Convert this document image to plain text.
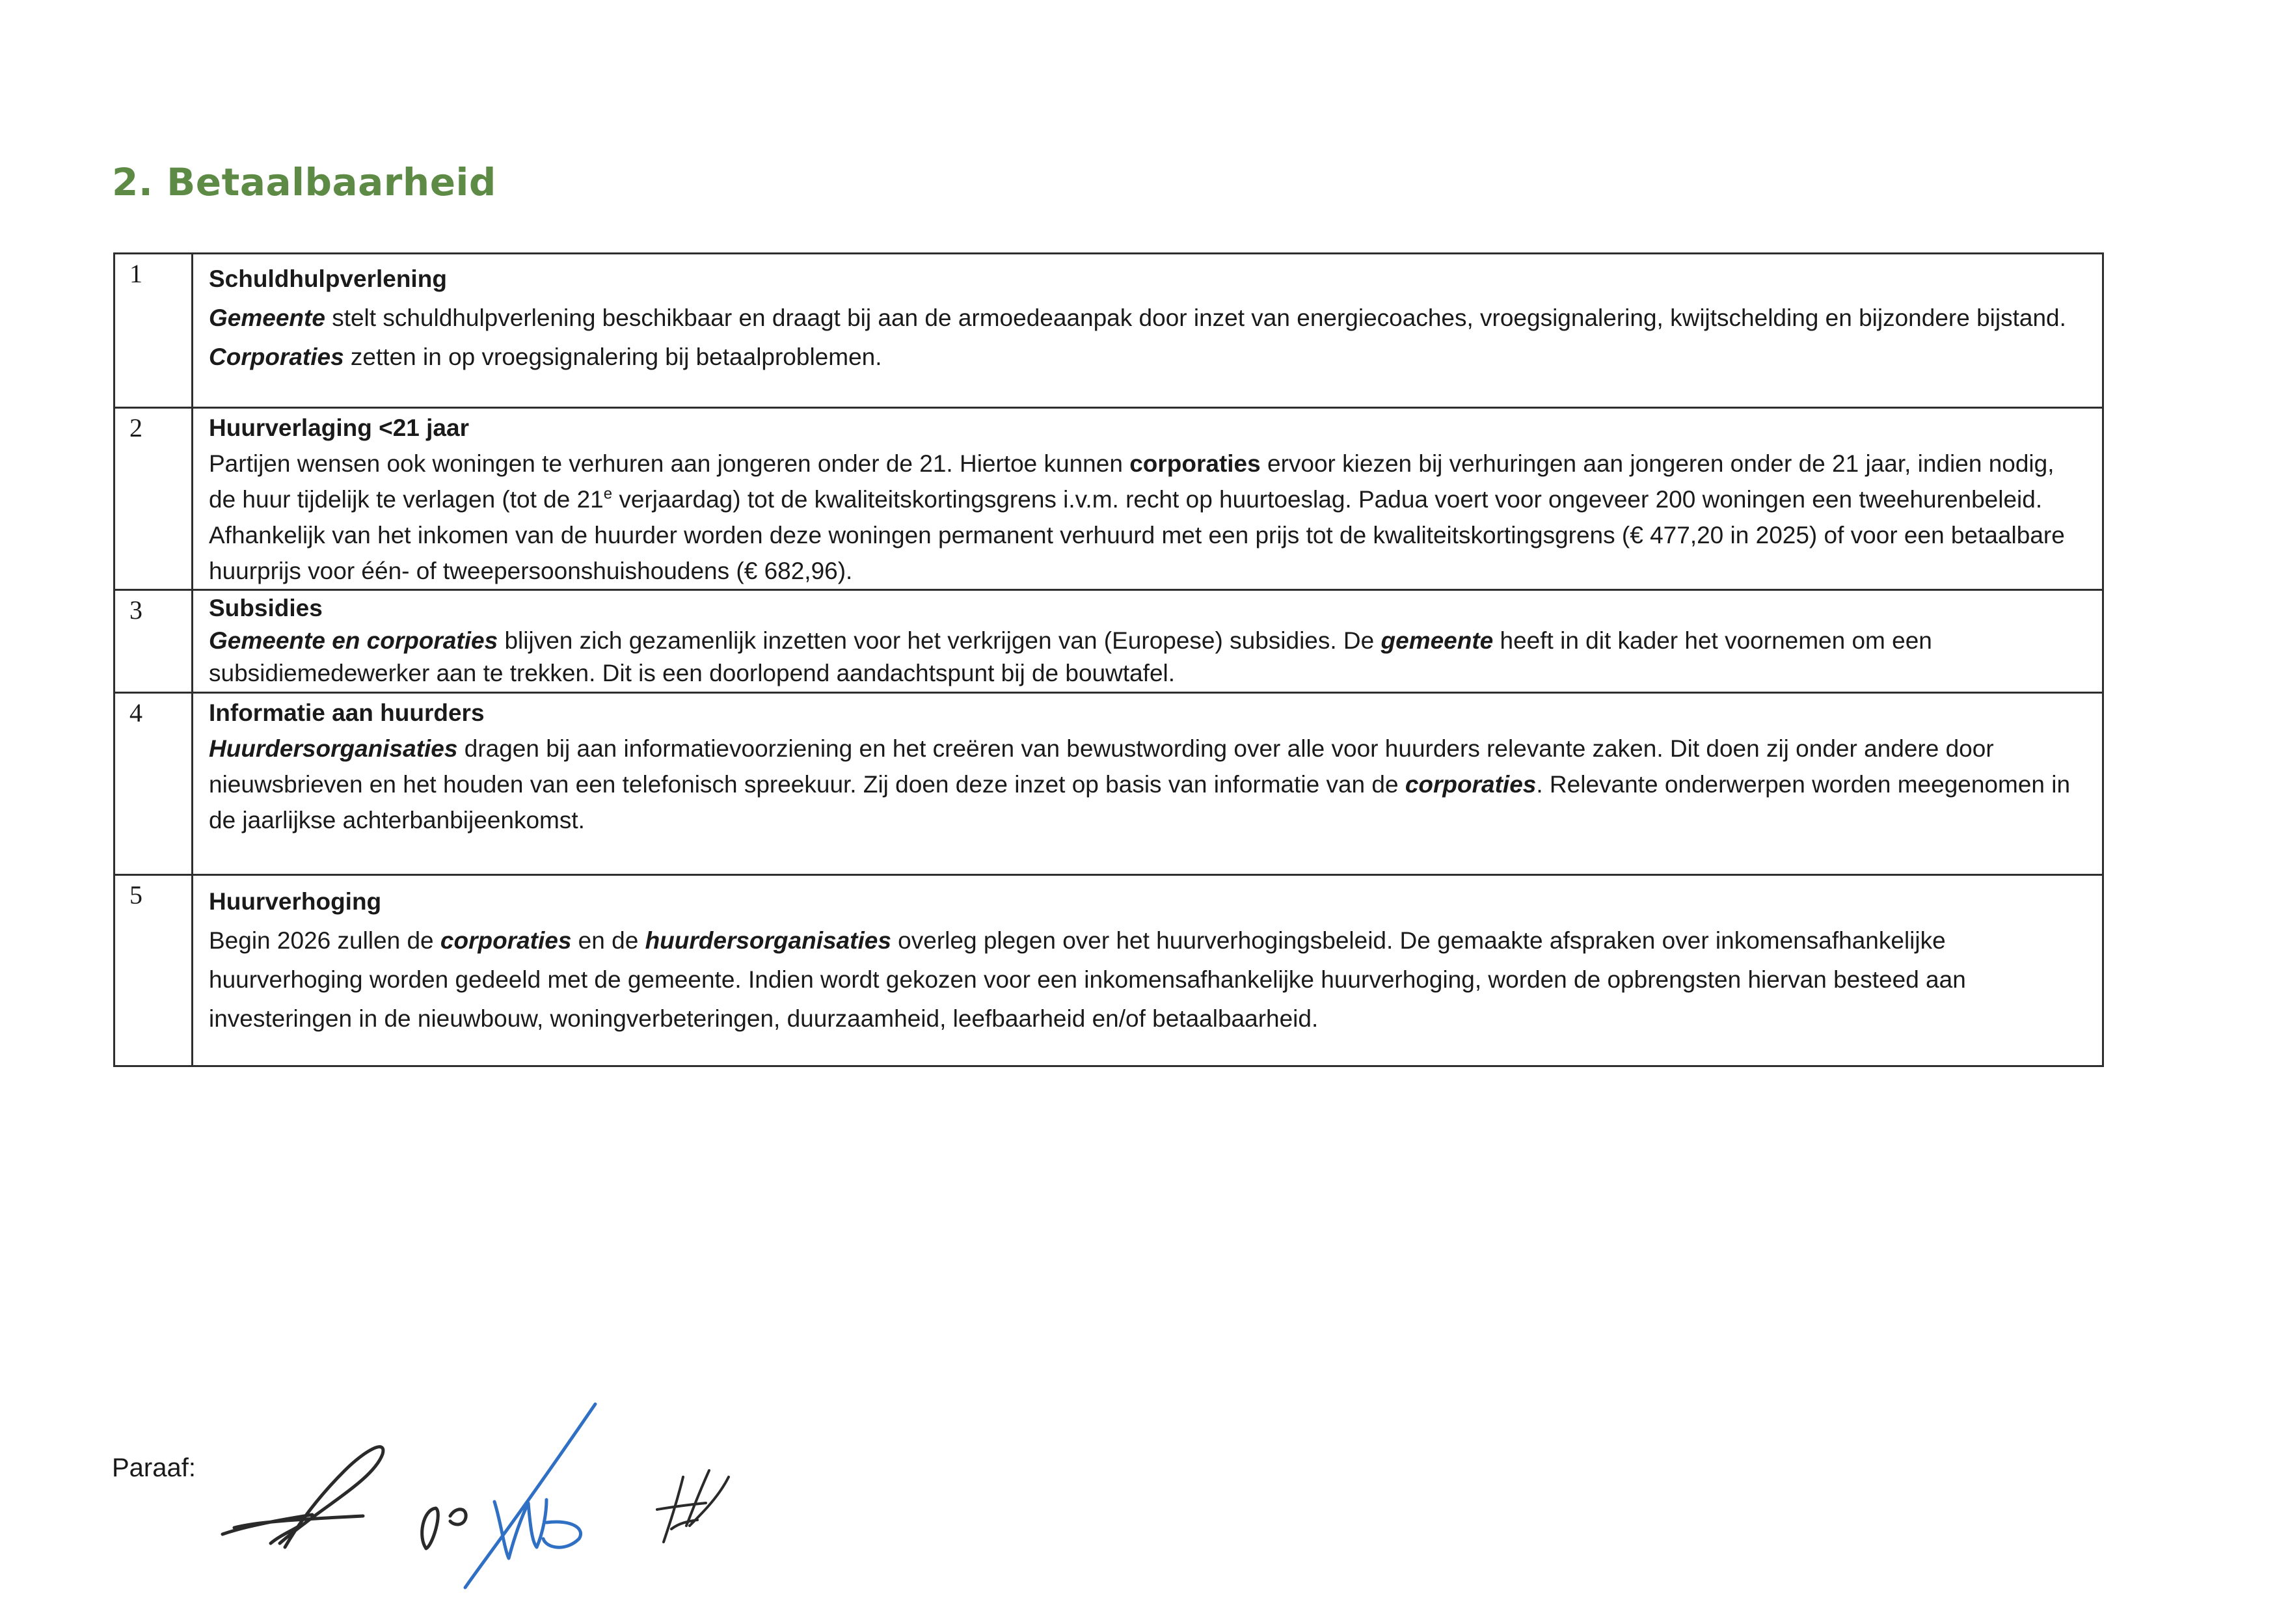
2. Betaalbaarheid
1	Schuldhulpverlening
Gemeente stelt schuldhulpverlening beschikbaar en draagt bij aan de armoedeaanpak door inzet van energiecoaches, vroegsignalering, kwijtschelding en bijzondere bijstand. Corporaties zetten in op vroegsignalering bij betaalproblemen.

2	Huurverlaging <21 jaar
Partijen wensen ook woningen te verhuren aan jongeren onder de 21. Hiertoe kunnen corporaties ervoor kiezen bij verhuringen aan jongeren onder de 21 jaar, indien nodig, de huur tijdelijk te verlagen (tot de 21e verjaardag) tot de kwaliteitskortingsgrens i.v.m. recht op huurtoeslag. Padua voert voor ongeveer 200 woningen een tweehurenbeleid. Afhankelijk van het inkomen van de huurder worden deze woningen permanent verhuurd met een prijs tot de kwaliteitskortingsgrens (€ 477,20 in 2025) of voor een betaalbare huurprijs voor één- of tweepersoonshuishoudens (€ 682,96).

3	Subsidies
Gemeente en corporaties blijven zich gezamenlijk inzetten voor het verkrijgen van (Europese) subsidies. De gemeente heeft in dit kader het voornemen om een subsidiemedewerker aan te trekken. Dit is een doorlopend aandachtspunt bij de bouwtafel.

4	Informatie aan huurders
Huurdersorganisaties dragen bij aan informatievoorziening en het creëren van bewustwording over alle voor huurders relevante zaken. Dit doen zij onder andere door nieuwsbrieven en het houden van een telefonisch spreekuur. Zij doen deze inzet op basis van informatie van de corporaties. Relevante onderwerpen worden meegenomen in de jaarlijkse achterbanbijeenkomst.

5	Huurverhoging
Begin 2026 zullen de corporaties en de huurdersorganisaties overleg plegen over het huurverhogingsbeleid. De gemaakte afspraken over inkomensafhankelijke huurverhoging worden gedeeld met de gemeente. Indien wordt gekozen voor een inkomensafhankelijke huurverhoging, worden de opbrengsten hiervan besteed aan investeringen in de nieuwbouw, woningverbeteringen, duurzaamheid, leefbaarheid en/of betaalbaarheid.
Paraaf:
